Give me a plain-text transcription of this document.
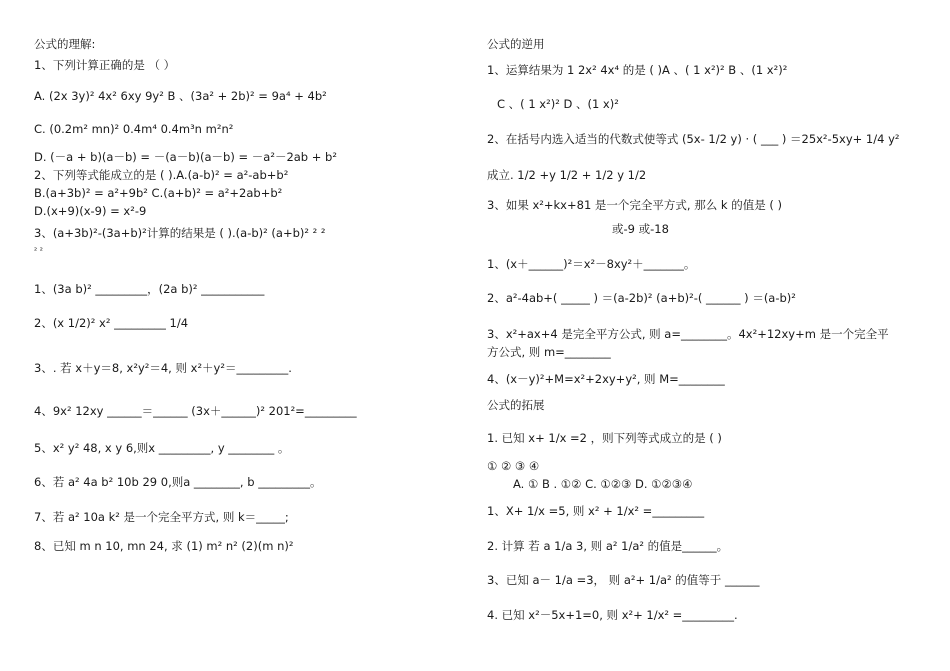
公式的理解:
1、下列计算正确的是 （ ）
A. (2x 3y)² 4x² 6xy 9y² B 、(3a² + 2b)² = 9a⁴ + 4b²
C. (0.2m² mn)² 0.4m⁴ 0.4m³n m²n²
D. (－a + b)(a－b) = －(a－b)(a－b) = －a²－2ab + b²
2、下列等式能成立的是 ( ).A.(a-b)² = a²-ab+b²
B.(a+3b)² = a²+9b² C.(a+b)² = a²+2ab+b²
D.(x+9)(x-9) = x²-9
3、(a+3b)²-(3a+b)²计算的结果是 ( ).(a-b)² (a+b)² ² ²
² ²
1、(3a b)² _________，(2a b)² ___________
2、(x 1/2)² x² _________ 1/4
3、. 若 x＋y＝8, x²y²＝4, 则 x²＋y²＝_________.
4、9x² 12xy ______＝______ (3x＋______)² 201²=_________
5、x² y² 48, x y 6,则x _________, y ________ 。
6、若 a² 4a b² 10b 29 0,则a ________, b _________。
7、若 a² 10a k² 是一个完全平方式, 则 k＝_____;
8、已知 m n 10, mn 24, 求 (1) m² n² (2)(m n)²
公式的逆用
1、运算结果为 1 2x² 4x⁴ 的是 ( )A 、( 1 x²)² B 、(1 x²)²
C 、( 1 x²)² D 、(1 x)²
2、在括号内选入适当的代数式使等式 (5x- 1/2 y) · ( ___ ) ＝25x²-5xy+ 1/4 y²
成立. 1/2 +y 1/2 + 1/2 y 1/2
3、如果 x²+kx+81 是一个完全平方式, 那么 k 的值是 ( )
或-9 或-18
1、(x＋______)²＝x²－8xy²＋_______。
2、a²-4ab+( _____ ) ＝(a-2b)² (a+b)²-( ______ ) ＝(a-b)²
3、x²+ax+4 是完全平方公式, 则 a=________。4x²+12xy+m 是一个完全平
方公式, 则 m=________
4、(x－y)²+M=x²+2xy+y², 则 M=________
公式的拓展
1. 已知 x+ 1/x =2 ，则下列等式成立的是 ( )
① ② ③ ④
A. ① B . ①② C. ①②③ D. ①②③④
1、X+ 1/x =5, 则 x² + 1/x² =_________
2. 计算 若 a 1/a 3, 则 a² 1/a² 的值是______。
3、已知 a－ 1/a =3， 则 a²+ 1/a² 的值等于 ______
4. 已知 x²－5x+1=0, 则 x²+ 1/x² =_________.
